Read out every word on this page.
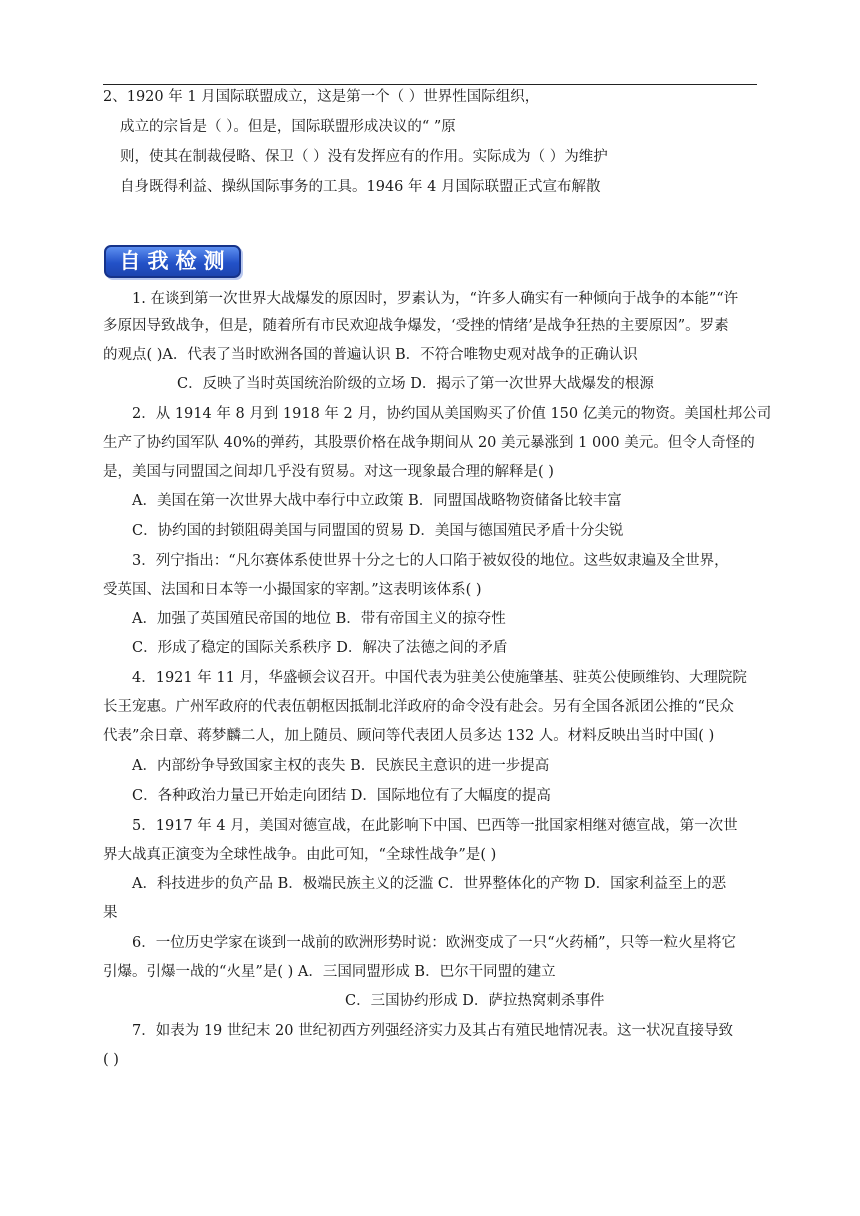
2、1920 年 1 月国际联盟成立，这是第一个（ ）世界性国际组织，
成立的宗旨是（ ）。但是，国际联盟形成决议的“ ”原
则，使其在制裁侵略、保卫（ ）没有发挥应有的作用。实际成为（ ）为维护
自身既得利益、操纵国际事务的工具。1946 年 4 月国际联盟正式宣布解散
自我检测
1. 在谈到第一次世界大战爆发的原因时，罗素认为，“许多人确实有一种倾向于战争的本能”“许
多原因导致战争，但是，随着所有市民欢迎战争爆发，‘受挫的情绪’是战争狂热的主要原因”。罗素
的观点( )A．代表了当时欧洲各国的普遍认识 B．不符合唯物史观对战争的正确认识
C．反映了当时英国统治阶级的立场 D．揭示了第一次世界大战爆发的根源
2．从 1914 年 8 月到 1918 年 2 月，协约国从美国购买了价值 150 亿美元的物资。美国杜邦公司
生产了协约国军队 40%的弹药，其股票价格在战争期间从 20 美元暴涨到 1 000 美元。但令人奇怪的
是，美国与同盟国之间却几乎没有贸易。对这一现象最合理的解释是( )
A．美国在第一次世界大战中奉行中立政策 B．同盟国战略物资储备比较丰富
C．协约国的封锁阻碍美国与同盟国的贸易 D．美国与德国殖民矛盾十分尖锐
3．列宁指出：“凡尔赛体系使世界十分之七的人口陷于被奴役的地位。这些奴隶遍及全世界，
受英国、法国和日本等一小撮国家的宰割。”这表明该体系( )
A．加强了英国殖民帝国的地位 B．带有帝国主义的掠夺性
C．形成了稳定的国际关系秩序 D．解决了法德之间的矛盾
4．1921 年 11 月，华盛顿会议召开。中国代表为驻美公使施肇基、驻英公使顾维钧、大理院院
长王宠惠。广州军政府的代表伍朝枢因抵制北洋政府的命令没有赴会。另有全国各派团公推的“民众
代表”余日章、蒋梦麟二人，加上随员、顾问等代表团人员多达 132 人。材料反映出当时中国( )
A．内部纷争导致国家主权的丧失 B．民族民主意识的进一步提高
C．各种政治力量已开始走向团结 D．国际地位有了大幅度的提高
5．1917 年 4 月，美国对德宣战，在此影响下中国、巴西等一批国家相继对德宣战，第一次世
界大战真正演变为全球性战争。由此可知，“全球性战争”是( )
A．科技进步的负产品 B．极端民族主义的泛滥 C．世界整体化的产物 D．国家利益至上的恶
果
6．一位历史学家在谈到一战前的欧洲形势时说：欧洲变成了一只“火药桶”，只等一粒火星将它
引爆。引爆一战的“火星”是( ) A．三国同盟形成 B．巴尔干同盟的建立
C．三国协约形成 D．萨拉热窝刺杀事件
7．如表为 19 世纪末 20 世纪初西方列强经济实力及其占有殖民地情况表。这一状况直接导致
( )
